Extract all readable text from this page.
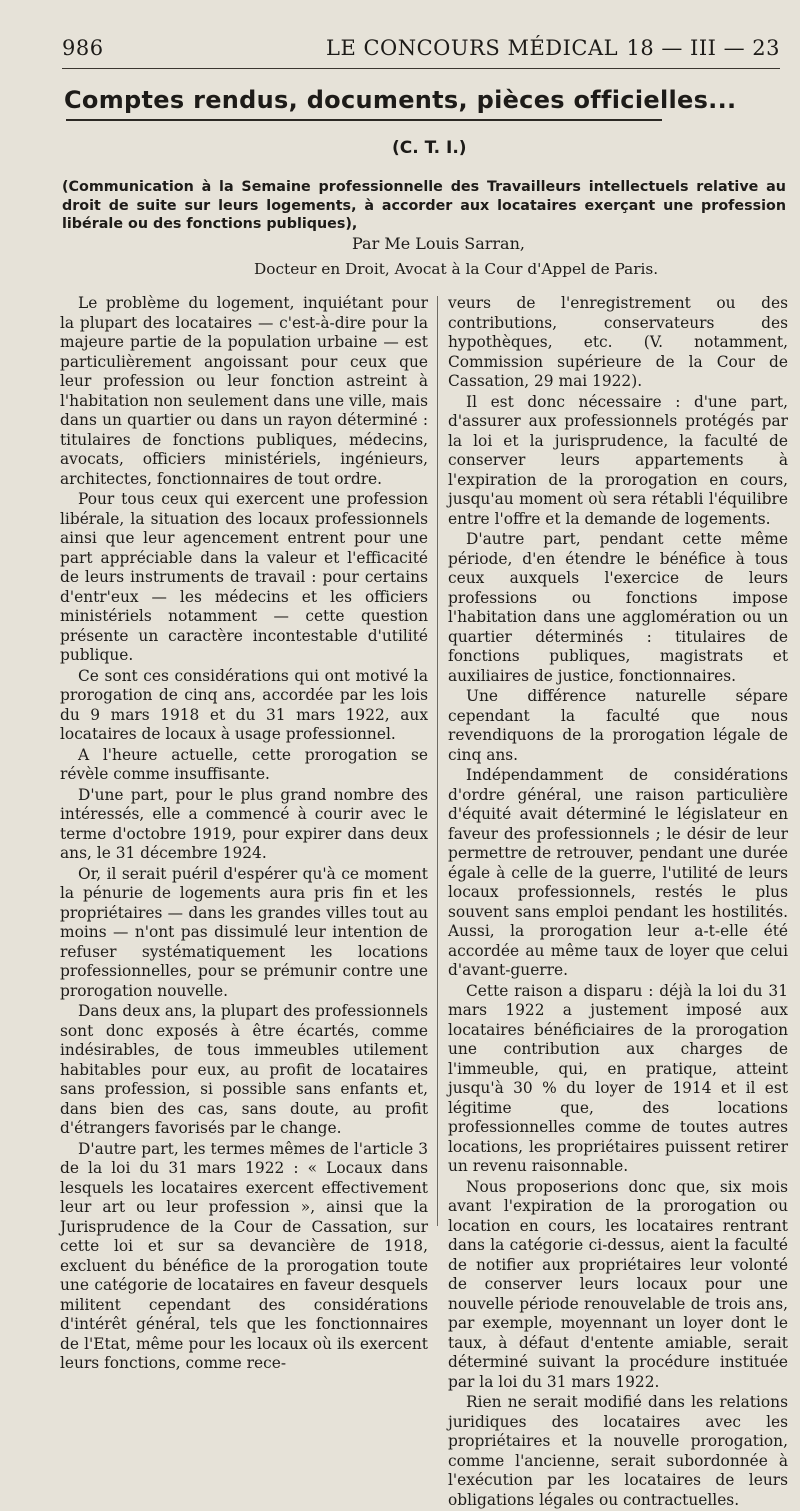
986	LE CONCOURS MÉDICAL 18 — III — 23
Comptes rendus, documents, pièces officielles...
(C. T. I.)
(Communication à la Semaine professionnelle des Travailleurs intellectuels relative au droit de suite sur leurs logements, à accorder aux locataires exerçant une profession libérale ou des fonctions publiques),
Par Me Louis Sarran,
Docteur en Droit, Avocat à la Cour d'Appel de Paris.

Le problème du logement, inquiétant pour la plupart des locataires — c'est-à-dire pour la majeure partie de la population urbaine — est particulièrement angoissant pour ceux que leur profession ou leur fonction astreint à l'habitation non seulement dans une ville, mais dans un quartier ou dans un rayon déterminé : titulaires de fonctions publiques, médecins, avocats, officiers ministériels, ingénieurs, architectes, fonctionnaires de tout ordre.

Pour tous ceux qui exercent une profession libérale, la situation des locaux professionnels ainsi que leur agencement entrent pour une part appréciable dans la valeur et l'efficacité de leurs instruments de travail : pour certains d'entr'eux — les médecins et les officiers ministériels notamment — cette question présente un caractère incontestable d'utilité publique.

Ce sont ces considérations qui ont motivé la prorogation de cinq ans, accordée par les lois du 9 mars 1918 et du 31 mars 1922, aux locataires de locaux à usage professionnel.

A l'heure actuelle, cette prorogation se révèle comme insuffisante.

D'une part, pour le plus grand nombre des intéressés, elle a commencé à courir avec le terme d'octobre 1919, pour expirer dans deux ans, le 31 décembre 1924.

Or, il serait puéril d'espérer qu'à ce moment la pénurie de logements aura pris fin et les propriétaires — dans les grandes villes tout au moins — n'ont pas dissimulé leur intention de refuser systématiquement les locations professionnelles, pour se prémunir contre une prorogation nouvelle.

Dans deux ans, la plupart des professionnels sont donc exposés à être écartés, comme indésirables, de tous immeubles utilement habitables pour eux, au profit de locataires sans profession, si possible sans enfants et, dans bien des cas, sans doute, au profit d'étrangers favorisés par le change.

D'autre part, les termes mêmes de l'article 3 de la loi du 31 mars 1922 : « Locaux dans lesquels les locataires exercent effectivement leur art ou leur profession », ainsi que la Jurisprudence de la Cour de Cassation, sur cette loi et sur sa devancière de 1918, excluent du bénéfice de la prorogation toute une catégorie de locataires en faveur desquels militent cependant des considérations d'intérêt général, tels que les fonctionnaires de l'Etat, même pour les locaux où ils exercent leurs fonctions, comme rece-

veurs de l'enregistrement ou des contributions, conservateurs des hypothèques, etc. (V. notamment, Commission supérieure de la Cour de Cassation, 29 mai 1922).

Il est donc nécessaire : d'une part, d'assurer aux professionnels protégés par la loi et la jurisprudence, la faculté de conserver leurs appartements à l'expiration de la prorogation en cours, jusqu'au moment où sera rétabli l'équilibre entre l'offre et la demande de logements.

D'autre part, pendant cette même période, d'en étendre le bénéfice à tous ceux auxquels l'exercice de leurs professions ou fonctions impose l'habitation dans une agglomération ou un quartier déterminés : titulaires de fonctions publiques, magistrats et auxiliaires de justice, fonctionnaires.

Une différence naturelle sépare cependant la faculté que nous revendiquons de la prorogation légale de cinq ans.

Indépendamment de considérations d'ordre général, une raison particulière d'équité avait déterminé le législateur en faveur des professionnels ; le désir de leur permettre de retrouver, pendant une durée égale à celle de la guerre, l'utilité de leurs locaux professionnels, restés le plus souvent sans emploi pendant les hostilités. Aussi, la prorogation leur a-t-elle été accordée au même taux de loyer que celui d'avant-guerre.

Cette raison a disparu : déjà la loi du 31 mars 1922 a justement imposé aux locataires bénéficiaires de la prorogation une contribution aux charges de l'immeuble, qui, en pratique, atteint jusqu'à 30 % du loyer de 1914 et il est légitime que, des locations professionnelles comme de toutes autres locations, les propriétaires puissent retirer un revenu raisonnable.

Nous proposerions donc que, six mois avant l'expiration de la prorogation ou location en cours, les locataires rentrant dans la catégorie ci-dessus, aient la faculté de notifier aux propriétaires leur volonté de conserver leurs locaux pour une nouvelle période renouvelable de trois ans, par exemple, moyennant un loyer dont le taux, à défaut d'entente amiable, serait déterminé suivant la procédure instituée par la loi du 31 mars 1922.

Rien ne serait modifié dans les relations juridiques des locataires avec les propriétaires et la nouvelle prorogation, comme l'ancienne, serait subordonnée à l'exécution par les locataires de leurs obligations légales ou contractuelles.
